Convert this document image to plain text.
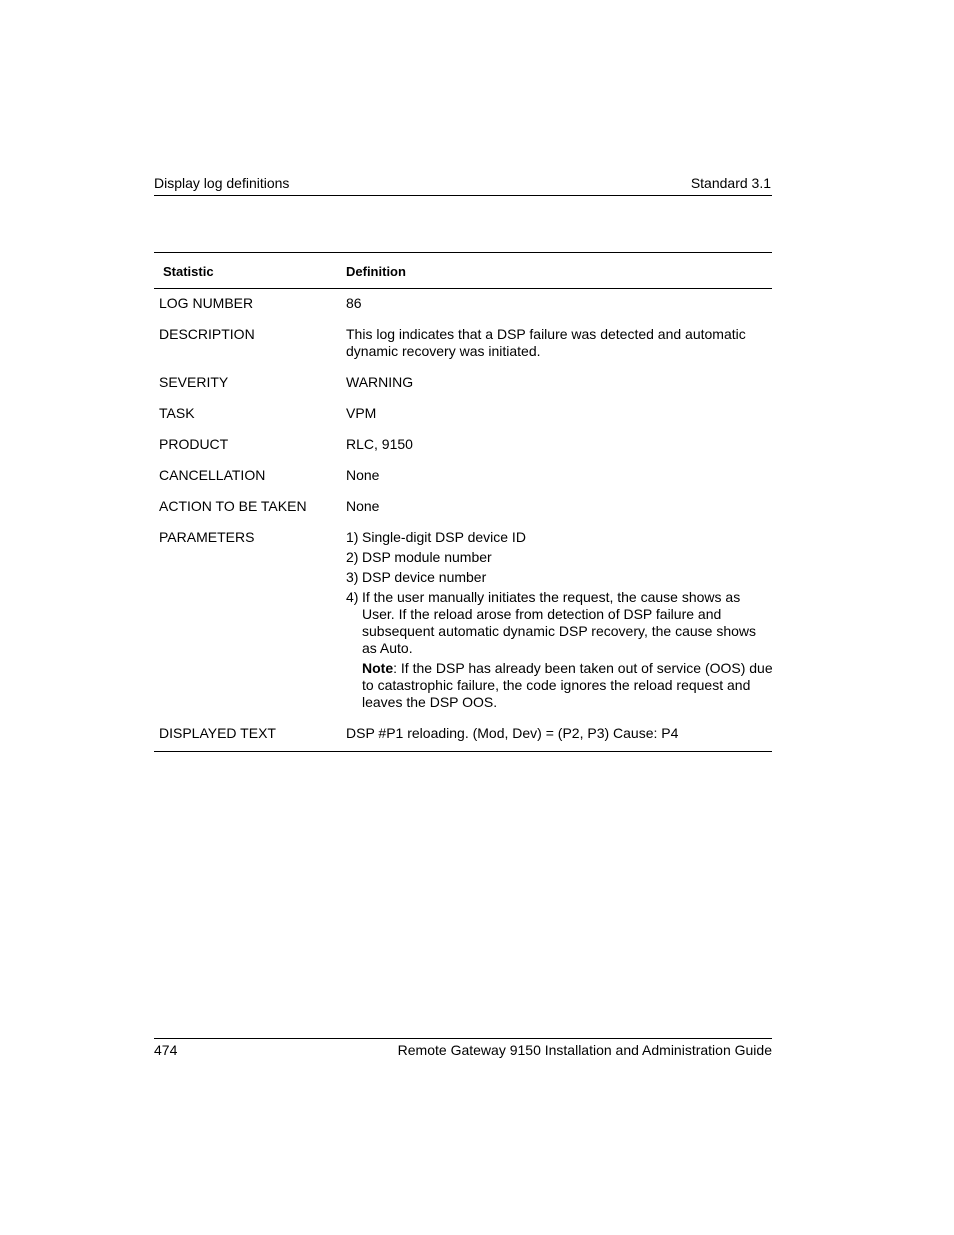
Display log definitions	Standard 3.1
Statistic	Definition
LOG NUMBER	86
DESCRIPTION	This log indicates that a DSP failure was detected and automatic dynamic recovery was initiated.
SEVERITY	WARNING
TASK	VPM
PRODUCT	RLC, 9150
CANCELLATION	None
ACTION TO BE TAKEN	None
PARAMETERS	1) Single-digit DSP device ID
2) DSP module number
3) DSP device number
4) If the user manually initiates the request, the cause shows as User. If the reload arose from detection of DSP failure and subsequent automatic dynamic DSP recovery, the cause shows as Auto.
Note: If the DSP has already been taken out of service (OOS) due to catastrophic failure, the code ignores the reload request and leaves the DSP OOS.
DISPLAYED TEXT	DSP #P1 reloading. (Mod, Dev) = (P2, P3) Cause: P4
474	Remote Gateway 9150 Installation and Administration Guide
